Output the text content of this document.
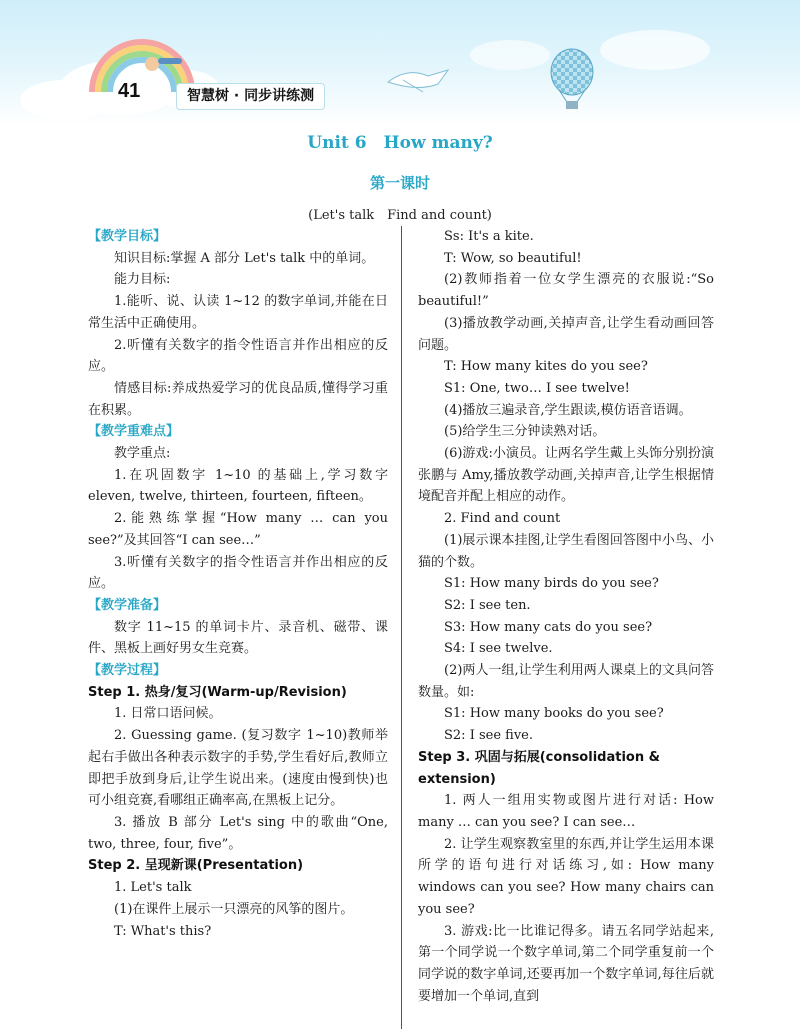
41	智慧树 · 同步讲练测
Unit 6　How many?
第一课时
(Let's talk　Find and count)

【教学目标】

知识目标:掌握 A 部分 Let's talk 中的单词。

能力目标:

1.能听、说、认读 1~12 的数字单词,并能在日常生活中正确使用。

2.听懂有关数字的指令性语言并作出相应的反应。

情感目标:养成热爱学习的优良品质,懂得学习重在积累。

【教学重难点】

教学重点:

1.在巩固数字 1~10 的基础上,学习数字 eleven, twelve, thirteen, fourteen, fifteen。

2.能熟练掌握“How many … can you see?”及其回答“I can see…”

3.听懂有关数字的指令性语言并作出相应的反应。

【教学准备】

数字 11~15 的单词卡片、录音机、磁带、课件、黑板上画好男女生竞赛。

【教学过程】

Step 1. 热身/复习(Warm-up/Revision)

1. 日常口语问候。

2. Guessing game. (复习数字 1~10)教师举起右手做出各种表示数字的手势,学生看好后,教师立即把手放到身后,让学生说出来。(速度由慢到快)也可小组竞赛,看哪组正确率高,在黑板上记分。

3. 播放 B 部分 Let's sing 中的歌曲“One, two, three, four, five”。

Step 2. 呈现新课(Presentation)

1. Let's talk

(1)在课件上展示一只漂亮的风筝的图片。

T: What's this?

Ss: It's a kite.

T: Wow, so beautiful!

(2)教师指着一位女学生漂亮的衣服说:“So beautiful!”

(3)播放教学动画,关掉声音,让学生看动画回答问题。

T: How many kites do you see?

S1: One, two… I see twelve!

(4)播放三遍录音,学生跟读,模仿语音语调。

(5)给学生三分钟读熟对话。

(6)游戏:小演员。让两名学生戴上头饰分别扮演张鹏与 Amy,播放教学动画,关掉声音,让学生根据情境配音并配上相应的动作。

2. Find and count

(1)展示课本挂图,让学生看图回答图中小鸟、小猫的个数。

S1: How many birds do you see?

S2: I see ten.

S3: How many cats do you see?

S4: I see twelve.

(2)两人一组,让学生利用两人课桌上的文具问答数量。如:

S1: How many books do you see?

S2: I see five.

Step 3. 巩固与拓展(consolidation & extension)

1. 两人一组用实物或图片进行对话: How many … can you see? I can see…

2. 让学生观察教室里的东西,并让学生运用本课所学的语句进行对话练习,如: How many windows can you see? How many chairs can you see?

3. 游戏:比一比谁记得多。请五名同学站起来,第一个同学说一个数字单词,第二个同学重复前一个同学说的数字单词,还要再加一个数字单词,每往后就要增加一个单词,直到
